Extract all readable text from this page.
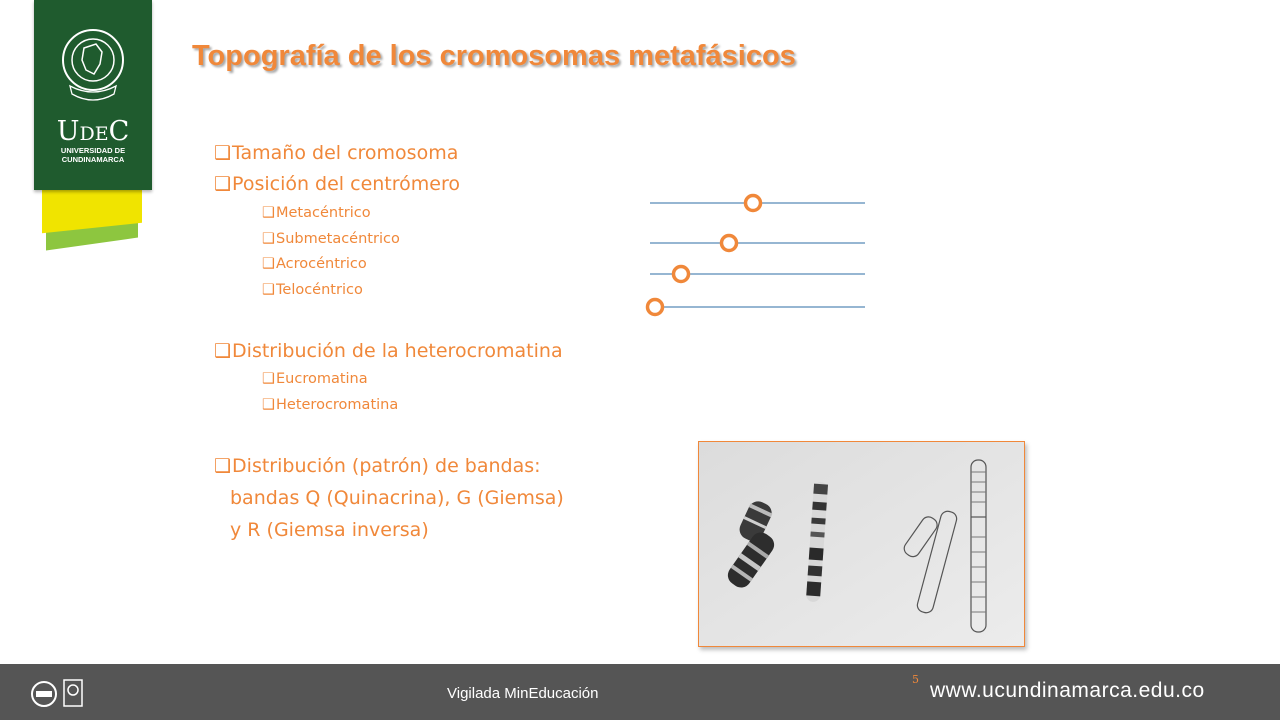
UDEC
UNIVERSIDAD DE
CUNDINAMARCA
Topografía de los cromosomas metafásicos
❑Tamaño del cromosoma
❑Posición del centrómero
❑Metacéntrico
❑Submetacéntrico
❑Acrocéntrico
❑Telocéntrico
❑Distribución de la heterocromatina
❑Eucromatina
❑Heterocromatina
❑Distribución (patrón) de bandas:
bandas Q (Quinacrina), G (Giemsa)
y R (Giemsa inversa)
Vigilada MinEducación
5 www.ucundinamarca.edu.co
